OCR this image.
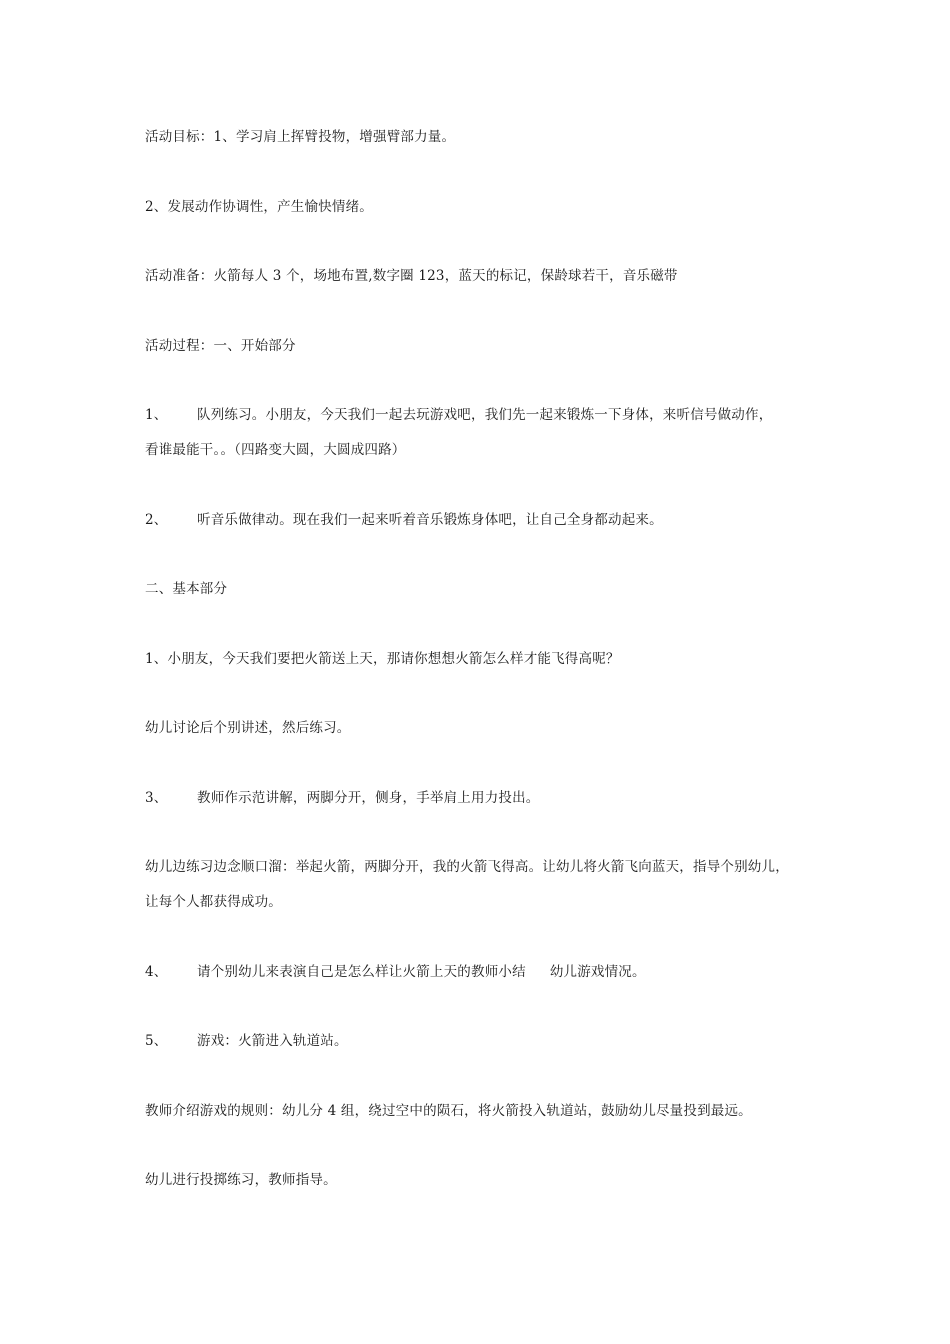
活动目标：1、学习肩上挥臂投物，增强臂部力量。
2、发展动作协调性，产生愉快情绪。
活动准备：火箭每人 3 个，场地布置,数字圈 123，蓝天的标记，保龄球若干，音乐磁带
活动过程：一、开始部分
1、 队列练习。小朋友，今天我们一起去玩游戏吧，我们先一起来锻炼一下身体，来听信号做动作，
看谁最能干。。（四路变大圆，大圆成四路）
2、 听音乐做律动。现在我们一起来听着音乐锻炼身体吧，让自己全身都动起来。
二、基本部分
1、小朋友，今天我们要把火箭送上天，那请你想想火箭怎么样才能飞得高呢？
幼儿讨论后个别讲述，然后练习。
3、 教师作示范讲解，两脚分开，侧身，手举肩上用力投出。
幼儿边练习边念顺口溜：举起火箭，两脚分开，我的火箭飞得高。让幼儿将火箭飞向蓝天，指导个别幼儿，
让每个人都获得成功。
4、 请个别幼儿来表演自己是怎么样让火箭上天的教师小结 幼儿游戏情况。
5、 游戏：火箭进入轨道站。
教师介绍游戏的规则：幼儿分 4 组，绕过空中的陨石，将火箭投入轨道站，鼓励幼儿尽量投到最远。
幼儿进行投掷练习，教师指导。
